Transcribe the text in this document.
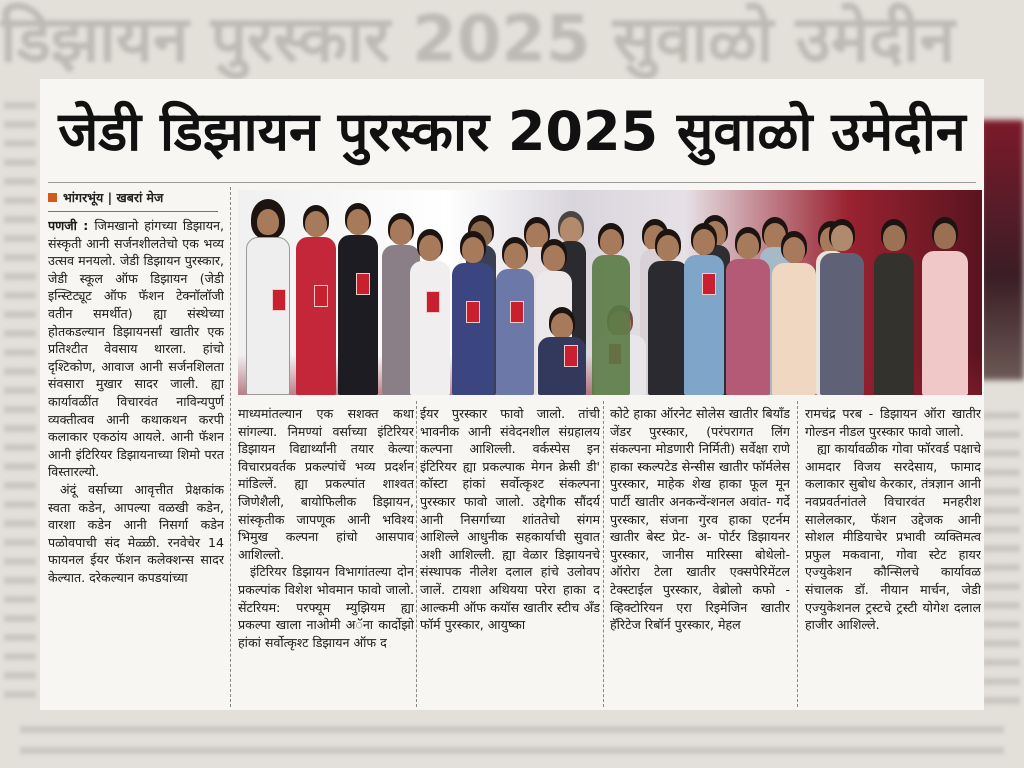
डिझायन पुरस्कार 2025 सुवाळो उमेदीन
जेडी डिझायन पुरस्कार 2025 सुवाळो उमेदीन
भांगरभूंय | खबरां मेज

पणजी : जिमखानो हांगच्या डिझायन, संस्कृती आनी सर्जनशीलतेचो एक भव्य उत्सव मनयलो. जेडी डिझायन पुरस्कार, जेडी स्कूल ऑफ डिझायन (जेडी इन्स्टिट्यूट ऑफ फॅशन टेक्नॉलॉजी वतीन समर्थीत) ह्या संस्थेच्या होतकडल्यान डिझायनर्सां खातीर एक प्रतिश्टीत वेवसाय थारला. हांचो दृश्टिकोण, आवाज आनी सर्जनशिलता संवसारा मुखार सादर जाली. ह्या कार्यावळींत विचारवंत नाविन्यपुर्ण व्यक्तीत्वव आनी कथाकथन करपी कलाकार एकठांय आयले. आनी फॅशन आनी इंटिरियर डिझायनाच्या शिमो परत विस्तारल्यो.

अंदूं वर्साच्या आवृत्तीत प्रेक्षकांक स्वता कडेन, आपल्या वळखी कडेन, वारशा कडेन आनी निसर्गा कडेन पळोवपाची संद मेळ्ळी. रनवेचेर 14 फायनल ईयर फॅशन कलेक्शन्स सादर केल्यात. दरेकल्यान कपडयांच्या

माध्यमांतल्यान एक सशक्त कथा सांगल्या. निमण्यां वर्साच्या इंटिरियर डिझायन विद्यार्थ्यांनी तयार केल्या विचारप्रवर्तक प्रकल्पांचें भव्य प्रदर्शन मांडिल्लें. ह्या प्रकल्पांत शाश्वत जिणेशैली, बायोफिलीक डिझायन, सांस्कृतीक जापणूक आनी भविश्य भिमुख कल्पना हांचो आसपाव आशिल्लो.

इंटिरियर डिझायन विभागांतल्या दोन प्रकल्पांक विशेश भोवमान फावो जालो. सेंटरियम: परफ्यूम म्युझियम ह्या प्रकल्पा खाला नाओमी अॅना कार्दोझो हांकां सर्वोत्कृश्ट डिझायन ऑफ द

ईयर पुरस्कार फावो जालो. तांची भावनीक आनी संवेदनशील संग्रहालय कल्पना आशिल्ली. वर्कस्पेस इन इंटिरियर ह्या प्रकल्पाक मेगन क्रेसी डी' कॉस्टा हांकां सर्वोत्कृश्ट संकल्पना पुरस्कार फावो जालो. उद्देगीक सौंदर्य आनी निसर्गाच्या शांततेचो संगम आशिल्ले आधुनीक सहकार्याची सुवात अशी आशिल्ली. ह्या वेळार डिझायनचे संस्थापक नीलेश दलाल हांचे उलोवप जालें. टायशा अथियया परेरा हाका द आल्कमी ऑफ कयॉस खातीर स्टीच अँड फॉर्म पुरस्कार, आयुष्का

कोटे हाका ऑरनेट सोलेस खातीर बियाँड जेंडर पुरस्कार, (परंपरागत लिंग संकल्पना मोडणारी निर्मिती) सर्वेक्षा राणे हाका स्कल्पटेड सेन्सीस खातीर फॉर्मलेस पुरस्कार, माहेक शेख हाका फूल मून पार्टी खातीर अनकन्वेंन्शनल अवांत- गर्दे पुरस्कार, संजना गुरव हाका एटर्नम खातीर बेस्ट प्रेट- अ- पोर्टर डिझायनर पुरस्कार, जानीस मारिस्सा बोथेलो- ऑरोरा टेला खातीर एक्सपेरिमेंटल टेक्स्टाईल पुरस्कार, वेब्रोलो कफो - व्हिक्टोरियन एरा रिइमेजिन खातीर हॅरिटेज रिबॉर्न पुरस्कार, मेहल

रामचंद्र परब - डिझायन ऑरा खातीर गोल्डन नीडल पुरस्कार फावो जालो.

ह्या कार्यावळीक गोवा फॉरवर्ड पक्षाचे आमदार विजय सरदेसाय, फामाद कलाकार सुबोध केरकार, तंत्रज्ञान आनी नवप्रवर्तनांतले विचारवंत मनहरीश सालेलकार, फॅशन उद्देजक आनी सोशल मीडियाचेर प्रभावी व्यक्तिमत्व प्रफुल मकवाना, गोवा स्टेट हायर एज्युकेशन कौन्सिलचे कार्यावळ संचालक डॉ. नीयान मार्चन, जेडी एज्युकेशनल ट्रस्टचे ट्रस्टी योगेश दलाल हाजीर आशिल्ले.
